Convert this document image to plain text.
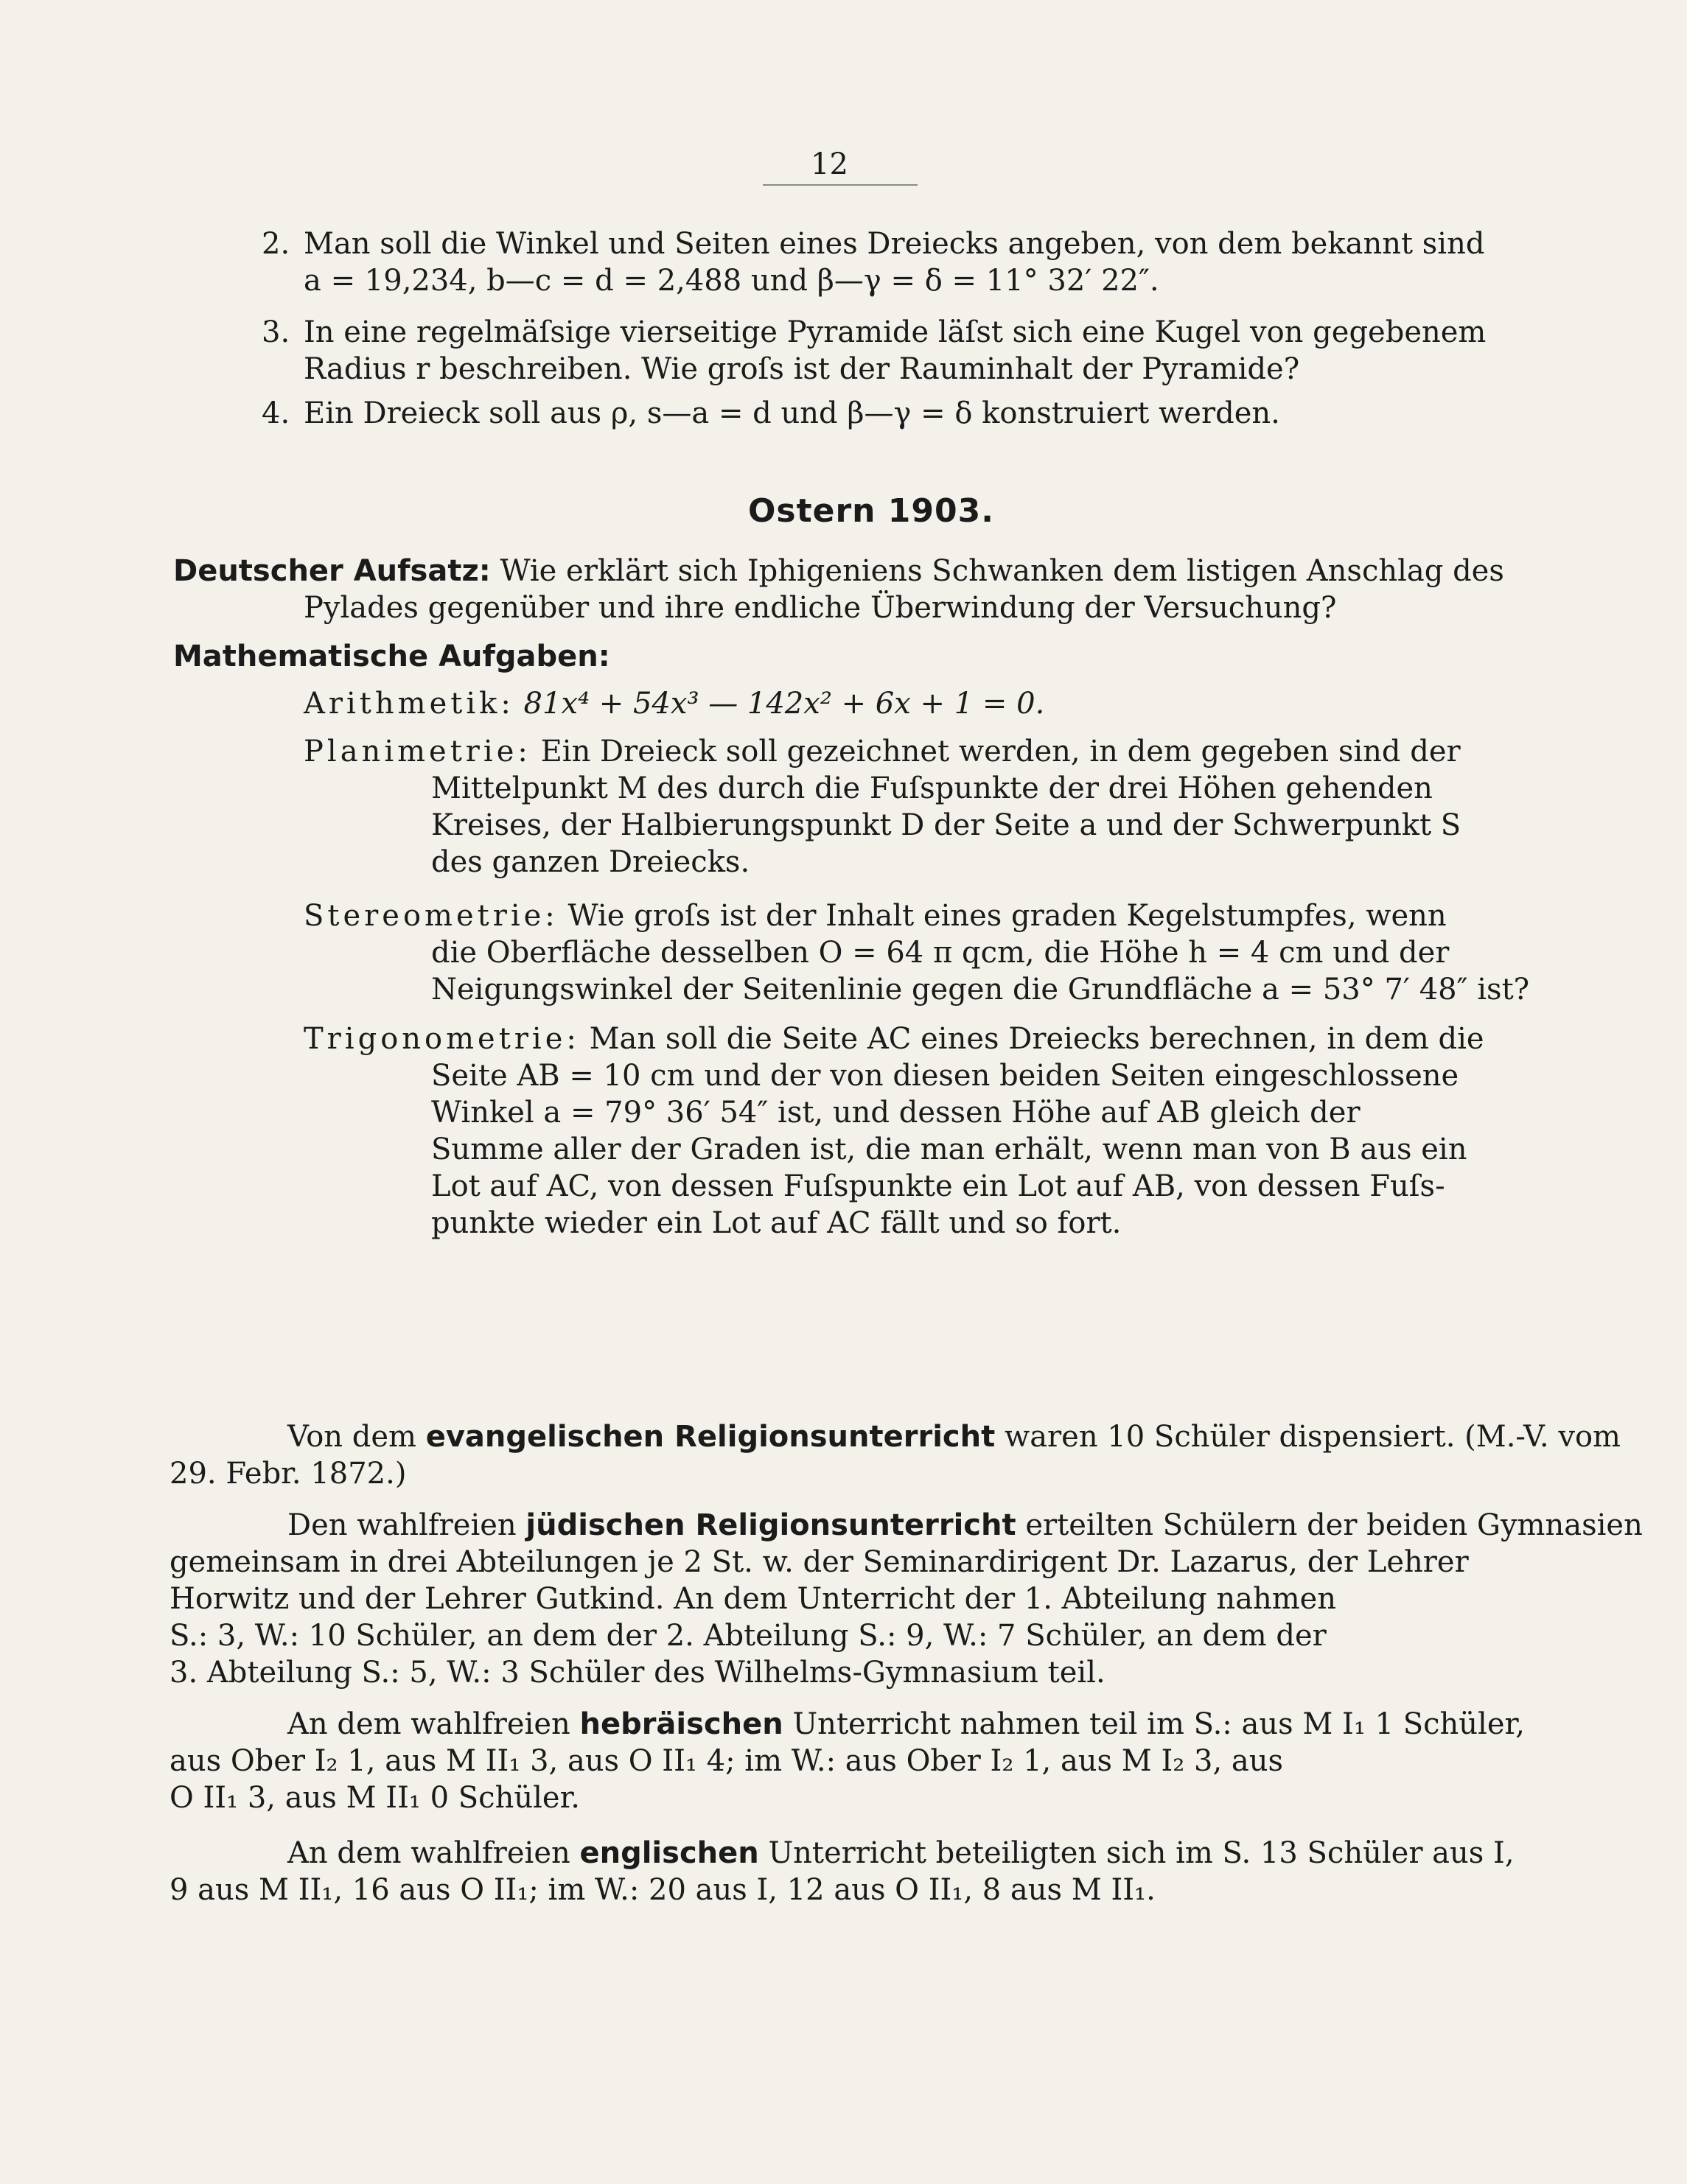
12
2. Man soll die Winkel und Seiten eines Dreiecks angeben, von dem bekannt sind
a = 19,234, b—c = d = 2,488 und β—γ = δ = 11° 32′ 22″.
3. In eine regelmäſsige vierseitige Pyramide läſst sich eine Kugel von gegebenem
Radius r beschreiben. Wie groſs ist der Rauminhalt der Pyramide?
4. Ein Dreieck soll aus ρ, s—a = d und β—γ = δ konstruiert werden.
Ostern 1903.
Deutscher Aufsatz: Wie erklärt sich Iphigeniens Schwanken dem listigen Anschlag des
Pylades gegenüber und ihre endliche Überwindung der Versuchung?
Mathematische Aufgaben:
Arithmetik: 81x⁴ + 54x³ — 142x² + 6x + 1 = 0.
Planimetrie: Ein Dreieck soll gezeichnet werden, in dem gegeben sind der
Mittelpunkt M des durch die Fuſspunkte der drei Höhen gehenden
Kreises, der Halbierungspunkt D der Seite a und der Schwerpunkt S
des ganzen Dreiecks.
Stereometrie: Wie groſs ist der Inhalt eines graden Kegelstumpfes, wenn
die Oberfläche desselben O = 64 π qcm, die Höhe h = 4 cm und der
Neigungswinkel der Seitenlinie gegen die Grundfläche a = 53° 7′ 48″ ist?
Trigonometrie: Man soll die Seite AC eines Dreiecks berechnen, in dem die
Seite AB = 10 cm und der von diesen beiden Seiten eingeschlossene
Winkel a = 79° 36′ 54″ ist, und dessen Höhe auf AB gleich der
Summe aller der Graden ist, die man erhält, wenn man von B aus ein
Lot auf AC, von dessen Fuſspunkte ein Lot auf AB, von dessen Fuſs-
punkte wieder ein Lot auf AC fällt und so fort.
Von dem evangelischen Religionsunterricht waren 10 Schüler dispensiert. (M.-V. vom
29. Febr. 1872.)
Den wahlfreien jüdischen Religionsunterricht erteilten Schülern der beiden Gymnasien
gemeinsam in drei Abteilungen je 2 St. w. der Seminardirigent Dr. Lazarus, der Lehrer
Horwitz und der Lehrer Gutkind. An dem Unterricht der 1. Abteilung nahmen
S.: 3, W.: 10 Schüler, an dem der 2. Abteilung S.: 9, W.: 7 Schüler, an dem der
3. Abteilung S.: 5, W.: 3 Schüler des Wilhelms-Gymnasium teil.
An dem wahlfreien hebräischen Unterricht nahmen teil im S.: aus M I₁ 1 Schüler,
aus Ober I₂ 1, aus M II₁ 3, aus O II₁ 4; im W.: aus Ober I₂ 1, aus M I₂ 3, aus
O II₁ 3, aus M II₁ 0 Schüler.
An dem wahlfreien englischen Unterricht beteiligten sich im S. 13 Schüler aus I,
9 aus M II₁, 16 aus O II₁; im W.: 20 aus I, 12 aus O II₁, 8 aus M II₁.
